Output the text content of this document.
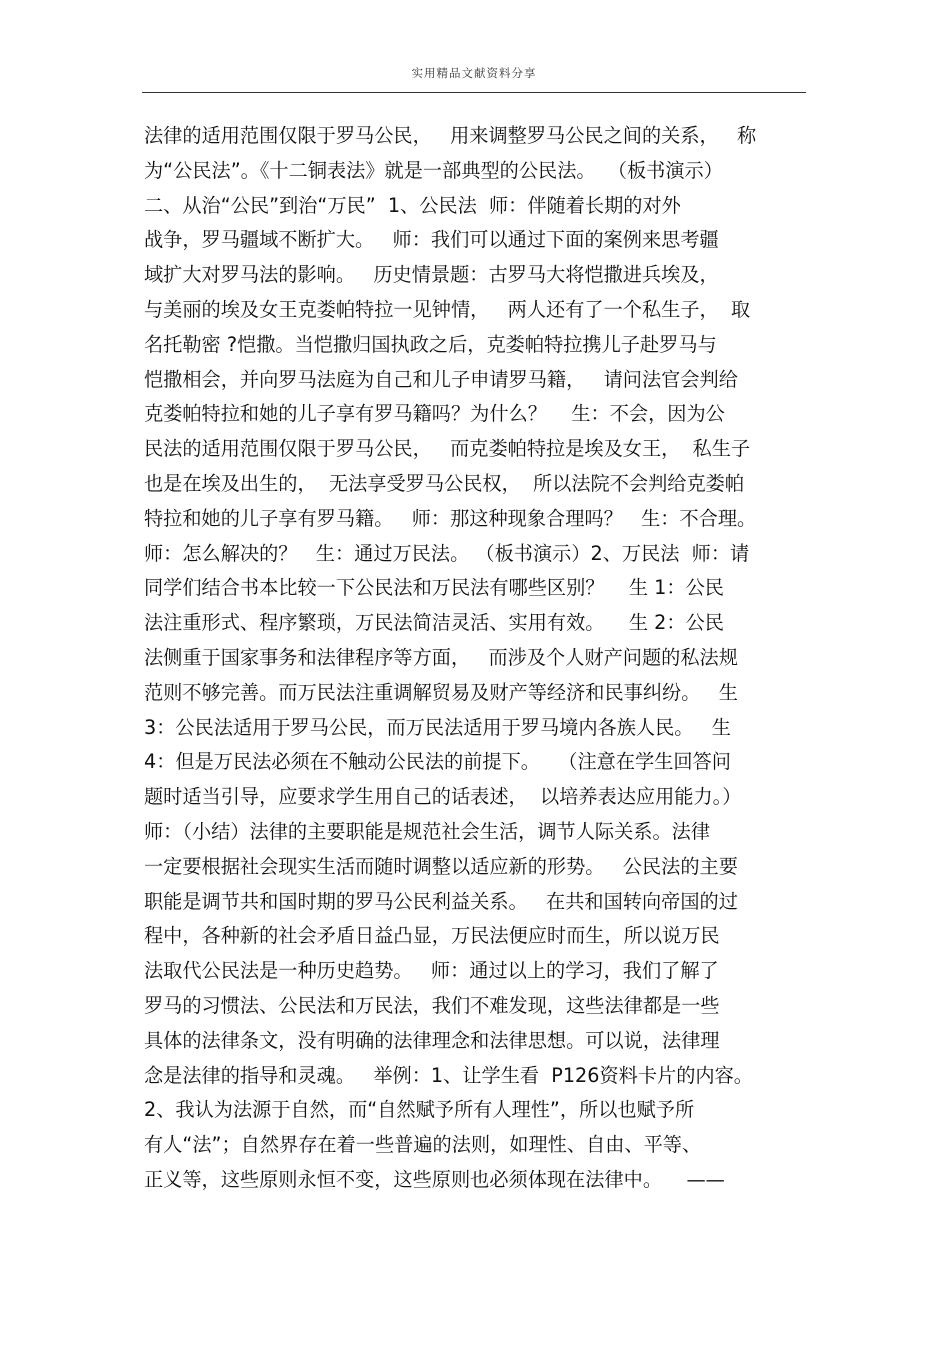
实用精品文献资料分享
法律的适用范围仅限于罗马公民，   用来调整罗马公民之间的关系，   称
为“公民法”。《十二铜表法》就是一部典型的公民法。  （板书演示）
二、从治“公民”到治“万民”  1、公民法  师：伴随着长期的对外
战争，罗马疆域不断扩大。   师：我们可以通过下面的案例来思考疆
域扩大对罗马法的影响。   历史情景题：古罗马大将恺撒进兵埃及，
与美丽的埃及女王克娄帕特拉一见钟情，   两人还有了一个私生子，  取
名托勒密 ?恺撒。当恺撒归国执政之后，克娄帕特拉携儿子赴罗马与
恺撒相会，并向罗马法庭为自己和儿子申请罗马籍，   请问法官会判给
克娄帕特拉和她的儿子享有罗马籍吗？为什么？    生：不会，因为公
民法的适用范围仅限于罗马公民，   而克娄帕特拉是埃及女王，  私生子
也是在埃及出生的，  无法享受罗马公民权，  所以法院不会判给克娄帕
特拉和她的儿子享有罗马籍。   师：那这种现象合理吗？   生：不合理。
师：怎么解决的？   生：通过万民法。 （板书演示）2、万民法  师：请
同学们结合书本比较一下公民法和万民法有哪些区别？    生 1：公民
法注重形式、程序繁琐，万民法简洁灵活、实用有效。    生 2：公民
法侧重于国家事务和法律程序等方面，   而涉及个人财产问题的私法规
范则不够完善。而万民法注重调解贸易及财产等经济和民事纠纷。   生
3：公民法适用于罗马公民，而万民法适用于罗马境内各族人民。   生
4：但是万民法必须在不触动公民法的前提下。   （注意在学生回答问
题时适当引导，应要求学生用自己的话表述，  以培养表达应用能力。）
师：（小结）法律的主要职能是规范社会生活，调节人际关系。法律
一定要根据社会现实生活而随时调整以适应新的形势。   公民法的主要
职能是调节共和国时期的罗马公民利益关系。   在共和国转向帝国的过
程中，各种新的社会矛盾日益凸显，万民法便应时而生，所以说万民
法取代公民法是一种历史趋势。   师：通过以上的学习，我们了解了
罗马的习惯法、公民法和万民法，我们不难发现，这些法律都是一些
具体的法律条文，没有明确的法律理念和法律思想。可以说，法律理
念是法律的指导和灵魂。   举例：1、让学生看  P126资料卡片的内容。
2、我认为法源于自然，而“自然赋予所有人理性”，所以也赋予所
有人“法”；自然界存在着一些普遍的法则，如理性、自由、平等、
正义等，这些原则永恒不变，这些原则也必须体现在法律中。    ——
